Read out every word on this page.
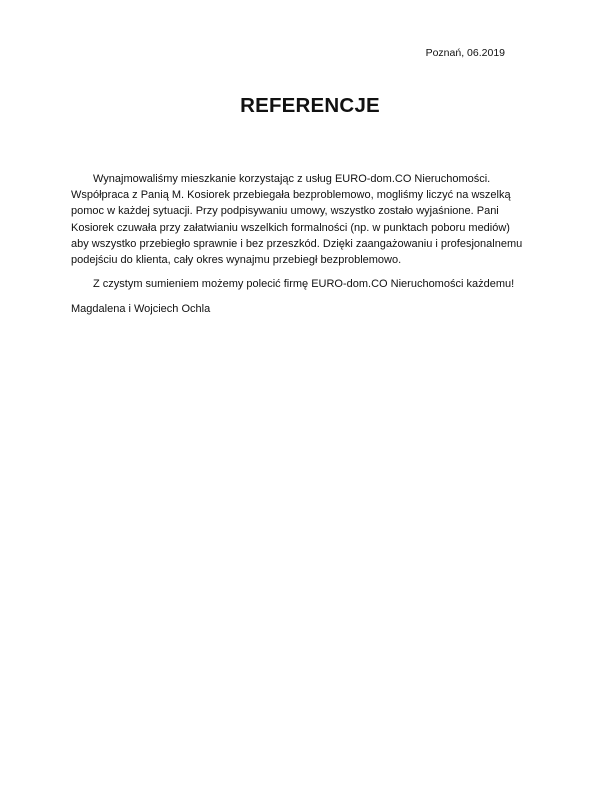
Poznań, 06.2019
REFERENCJE
Wynajmowaliśmy mieszkanie korzystając z usług EURO-dom.CO Nieruchomości.
Współpraca z Panią M. Kosiorek przebiegała bezproblemowo, mogliśmy liczyć na wszelką
pomoc w każdej sytuacji. Przy podpisywaniu umowy, wszystko zostało wyjaśnione. Pani
Kosiorek czuwała przy załatwianiu wszelkich formalności (np. w punktach poboru mediów)
aby wszystko przebiegło sprawnie i bez przeszkód. Dzięki zaangażowaniu i profesjonalnemu
podejściu do klienta, cały okres wynajmu przebiegł bezproblemowo.
Z czystym sumieniem możemy polecić firmę EURO-dom.CO Nieruchomości każdemu!
Magdalena i Wojciech Ochla
